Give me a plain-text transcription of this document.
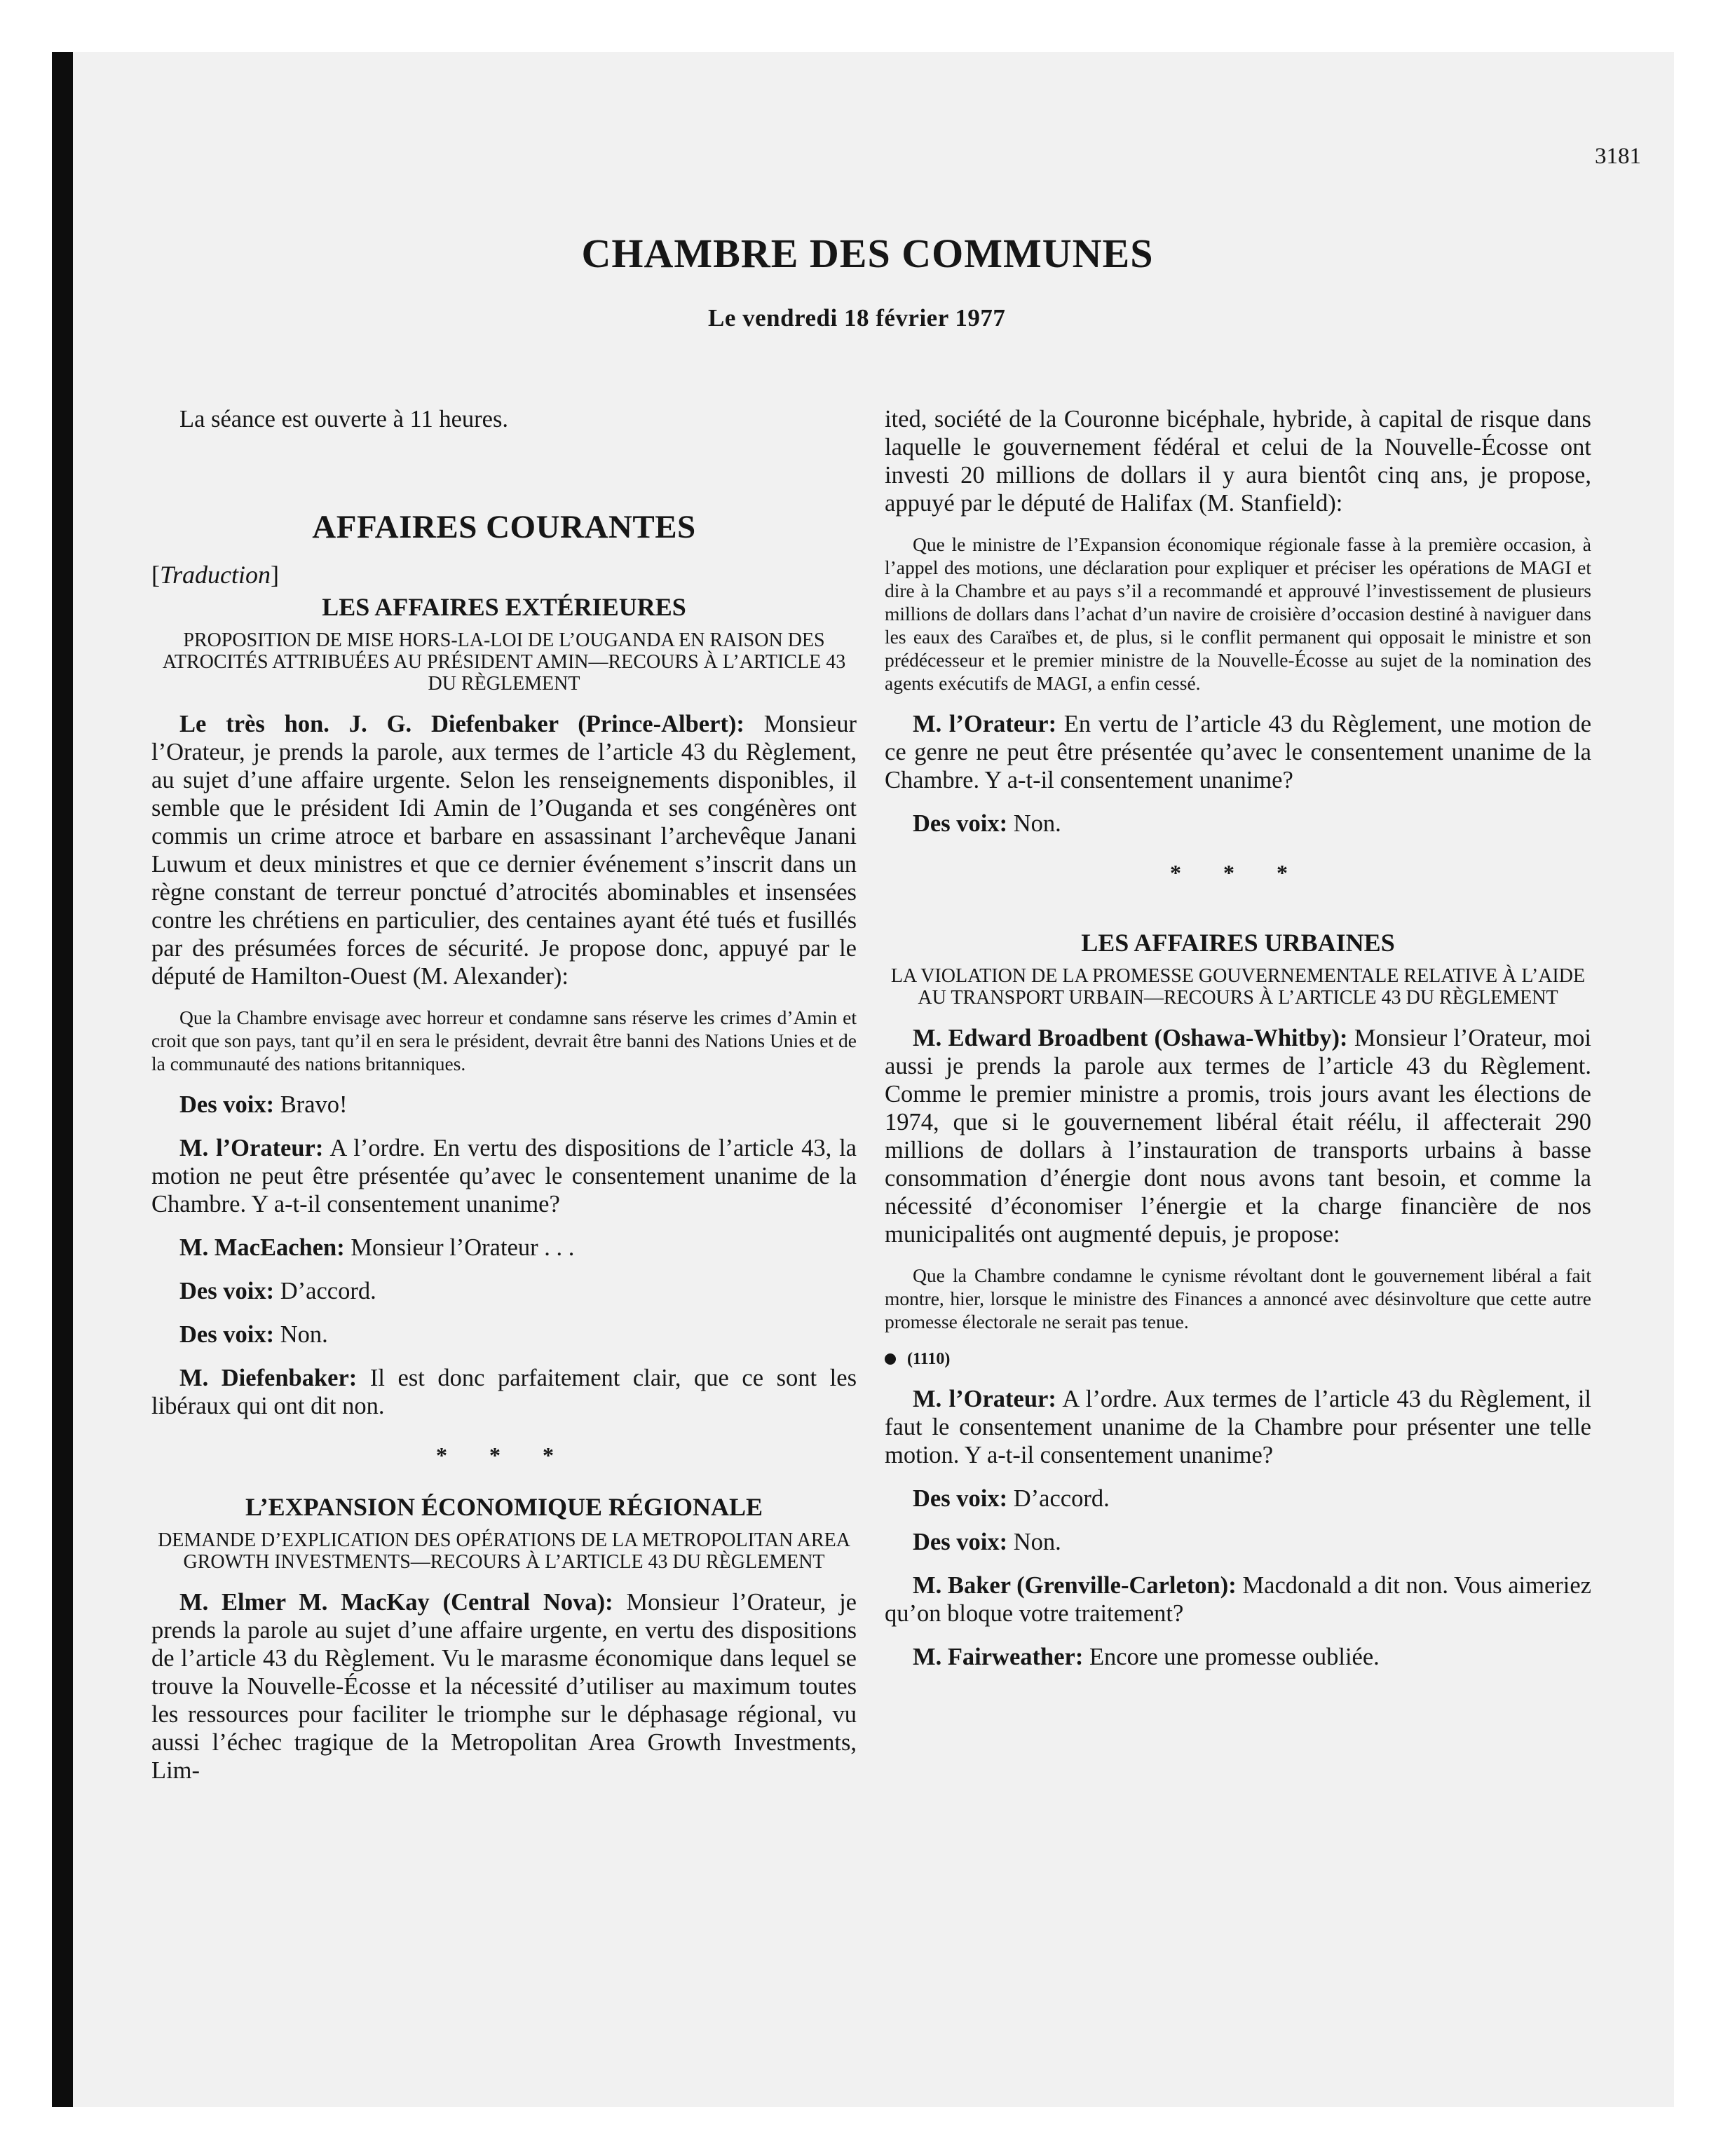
3181
CHAMBRE DES COMMUNES
Le vendredi 18 février 1977

La séance est ouverte à 11 heures.

AFFAIRES COURANTES

[Traduction]

LES AFFAIRES EXTÉRIEURES

PROPOSITION DE MISE HORS-LA-LOI DE L’OUGANDA EN RAISON DES ATROCITÉS ATTRIBUÉES AU PRÉSIDENT AMIN—RECOURS À L’ARTICLE 43 DU RÈGLEMENT

Le très hon. J. G. Diefenbaker (Prince-Albert): Monsieur l’Orateur, je prends la parole, aux termes de l’article 43 du Règlement, au sujet d’une affaire urgente. Selon les renseignements disponibles, il semble que le président Idi Amin de l’Ouganda et ses congénères ont commis un crime atroce et barbare en assassinant l’archevêque Janani Luwum et deux ministres et que ce dernier événement s’inscrit dans un règne constant de terreur ponctué d’atrocités abominables et insensées contre les chrétiens en particulier, des centaines ayant été tués et fusillés par des présumées forces de sécurité. Je propose donc, appuyé par le député de Hamilton-Ouest (M. Alexander):

Que la Chambre envisage avec horreur et condamne sans réserve les crimes d’Amin et croit que son pays, tant qu’il en sera le président, devrait être banni des Nations Unies et de la communauté des nations britanniques.

Des voix: Bravo!

M. l’Orateur: A l’ordre. En vertu des dispositions de l’article 43, la motion ne peut être présentée qu’avec le consentement unanime de la Chambre. Y a-t-il consentement unanime?

M. MacEachen: Monsieur l’Orateur . . .

Des voix: D’accord.

Des voix: Non.

M. Diefenbaker: Il est donc parfaitement clair, que ce sont les libéraux qui ont dit non.

* * *

L’EXPANSION ÉCONOMIQUE RÉGIONALE

DEMANDE D’EXPLICATION DES OPÉRATIONS DE LA METROPOLITAN AREA GROWTH INVESTMENTS—RECOURS À L’ARTICLE 43 DU RÈGLEMENT

M. Elmer M. MacKay (Central Nova): Monsieur l’Orateur, je prends la parole au sujet d’une affaire urgente, en vertu des dispositions de l’article 43 du Règlement. Vu le marasme économique dans lequel se trouve la Nouvelle-Écosse et la nécessité d’utiliser au maximum toutes les ressources pour faciliter le triomphe sur le déphasage régional, vu aussi l’échec tragique de la Metropolitan Area Growth Investments, Lim-

ited, société de la Couronne bicéphale, hybride, à capital de risque dans laquelle le gouvernement fédéral et celui de la Nouvelle-Écosse ont investi 20 millions de dollars il y aura bientôt cinq ans, je propose, appuyé par le député de Halifax (M. Stanfield):

Que le ministre de l’Expansion économique régionale fasse à la première occasion, à l’appel des motions, une déclaration pour expliquer et préciser les opérations de MAGI et dire à la Chambre et au pays s’il a recommandé et approuvé l’investissement de plusieurs millions de dollars dans l’achat d’un navire de croisière d’occasion destiné à naviguer dans les eaux des Caraïbes et, de plus, si le conflit permanent qui opposait le ministre et son prédécesseur et le premier ministre de la Nouvelle-Écosse au sujet de la nomination des agents exécutifs de MAGI, a enfin cessé.

M. l’Orateur: En vertu de l’article 43 du Règlement, une motion de ce genre ne peut être présentée qu’avec le consentement unanime de la Chambre. Y a-t-il consentement unanime?

Des voix: Non.

* * *

LES AFFAIRES URBAINES

LA VIOLATION DE LA PROMESSE GOUVERNEMENTALE RELATIVE À L’AIDE AU TRANSPORT URBAIN—RECOURS À L’ARTICLE 43 DU RÈGLEMENT

M. Edward Broadbent (Oshawa-Whitby): Monsieur l’Orateur, moi aussi je prends la parole aux termes de l’article 43 du Règlement. Comme le premier ministre a promis, trois jours avant les élections de 1974, que si le gouvernement libéral était réélu, il affecterait 290 millions de dollars à l’instauration de transports urbains à basse consommation d’énergie dont nous avons tant besoin, et comme la nécessité d’économiser l’énergie et la charge financière de nos municipalités ont augmenté depuis, je propose:

Que la Chambre condamne le cynisme révoltant dont le gouvernement libéral a fait montre, hier, lorsque le ministre des Finances a annoncé avec désinvolture que cette autre promesse électorale ne serait pas tenue.

(1110)

M. l’Orateur: A l’ordre. Aux termes de l’article 43 du Règlement, il faut le consentement unanime de la Chambre pour présenter une telle motion. Y a-t-il consentement unanime?

Des voix: D’accord.

Des voix: Non.

M. Baker (Grenville-Carleton): Macdonald a dit non. Vous aimeriez qu’on bloque votre traitement?

M. Fairweather: Encore une promesse oubliée.
